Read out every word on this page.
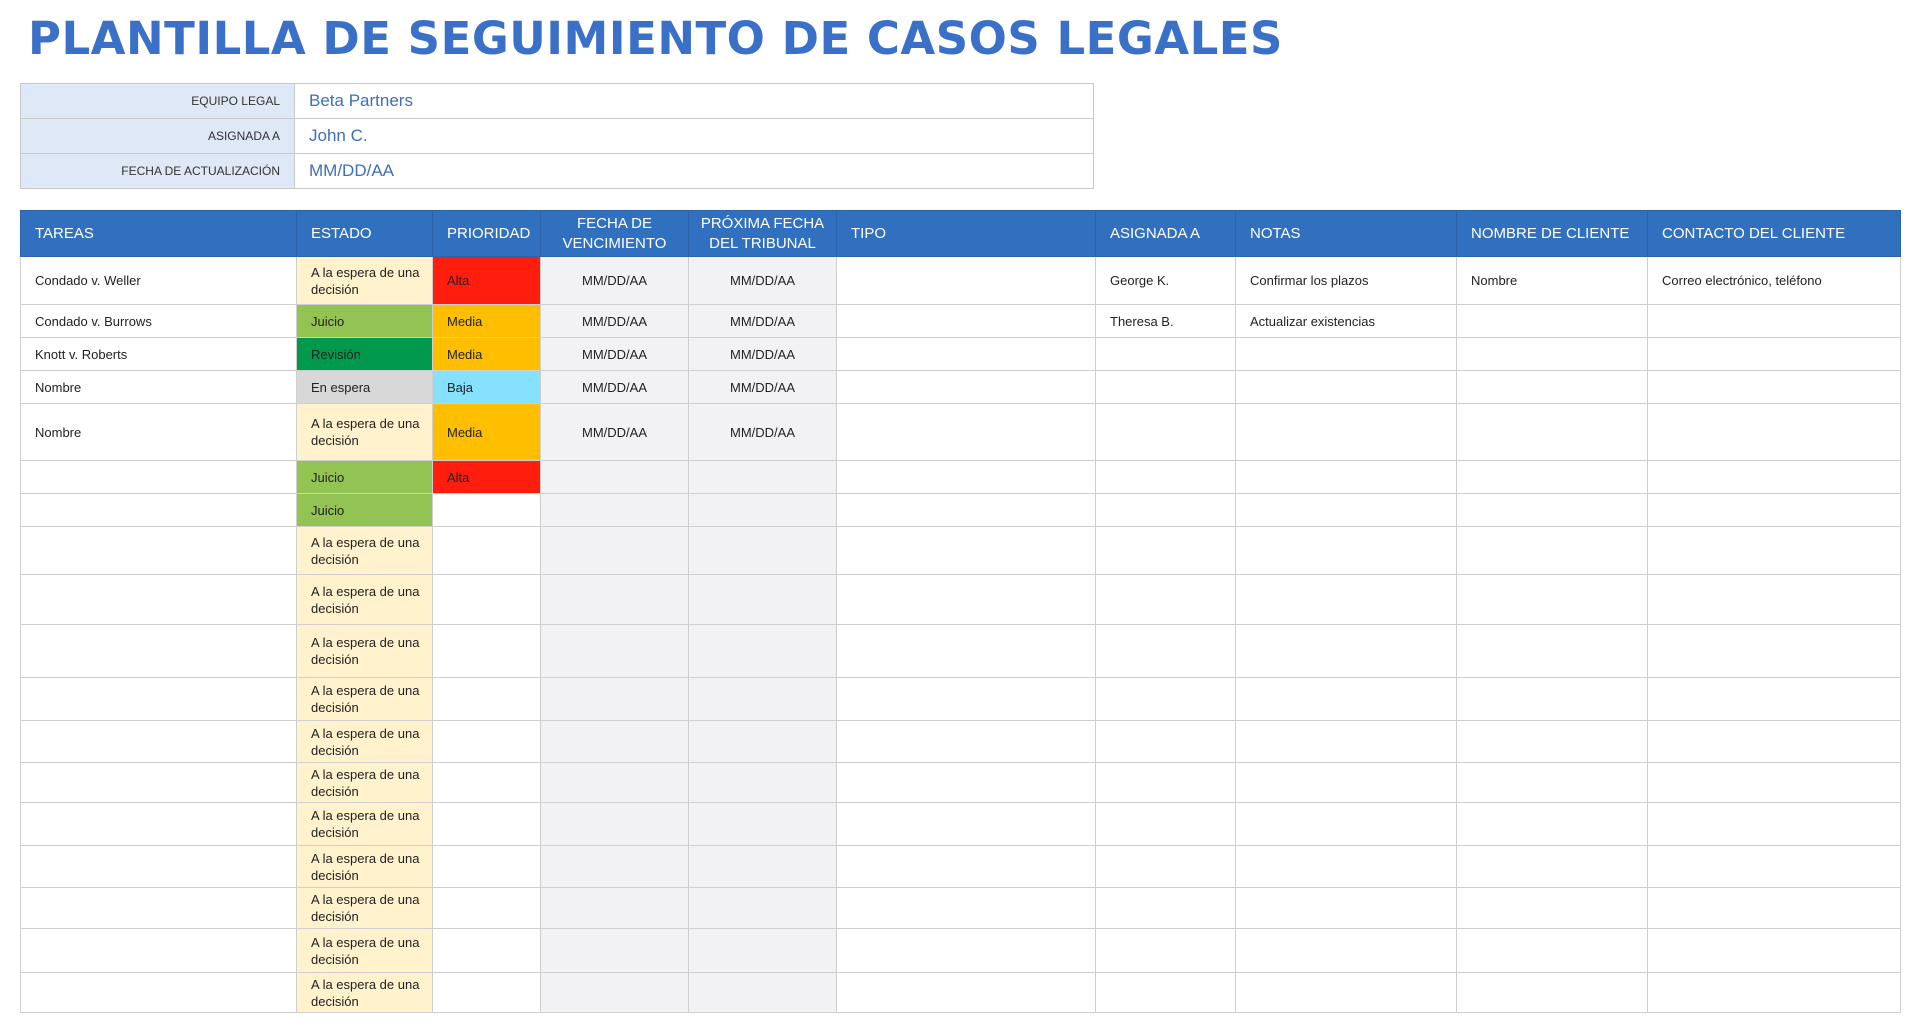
PLANTILLA DE SEGUIMIENTO DE CASOS LEGALES
EQUIPO LEGAL	Beta Partners
ASIGNADA A	John C.
FECHA DE ACTUALIZACIÓN	MM/DD/AA
TAREAS	ESTADO	PRIORIDAD	FECHA DE VENCIMIENTO	PRÓXIMA FECHA DEL TRIBUNAL	TIPO	ASIGNADA A	NOTAS	NOMBRE DE CLIENTE	CONTACTO DEL CLIENTE
Condado v. Weller	A la espera de una decisión	Alta	MM/DD/AA	MM/DD/AA		George K.	Confirmar los plazos	Nombre	Correo electrónico, teléfono
Condado v. Burrows	Juicio	Media	MM/DD/AA	MM/DD/AA		Theresa B.	Actualizar existencias		
Knott v. Roberts	Revisión	Media	MM/DD/AA	MM/DD/AA					
Nombre	En espera	Baja	MM/DD/AA	MM/DD/AA					
Nombre	A la espera de una decisión	Media	MM/DD/AA	MM/DD/AA					
	Juicio	Alta							
	Juicio								
	A la espera de una decisión								
	A la espera de una decisión								
	A la espera de una decisión								
	A la espera de una decisión								
	A la espera de una decisión								
	A la espera de una decisión								
	A la espera de una decisión								
	A la espera de una decisión								
	A la espera de una decisión								
	A la espera de una decisión								
	A la espera de una decisión								
